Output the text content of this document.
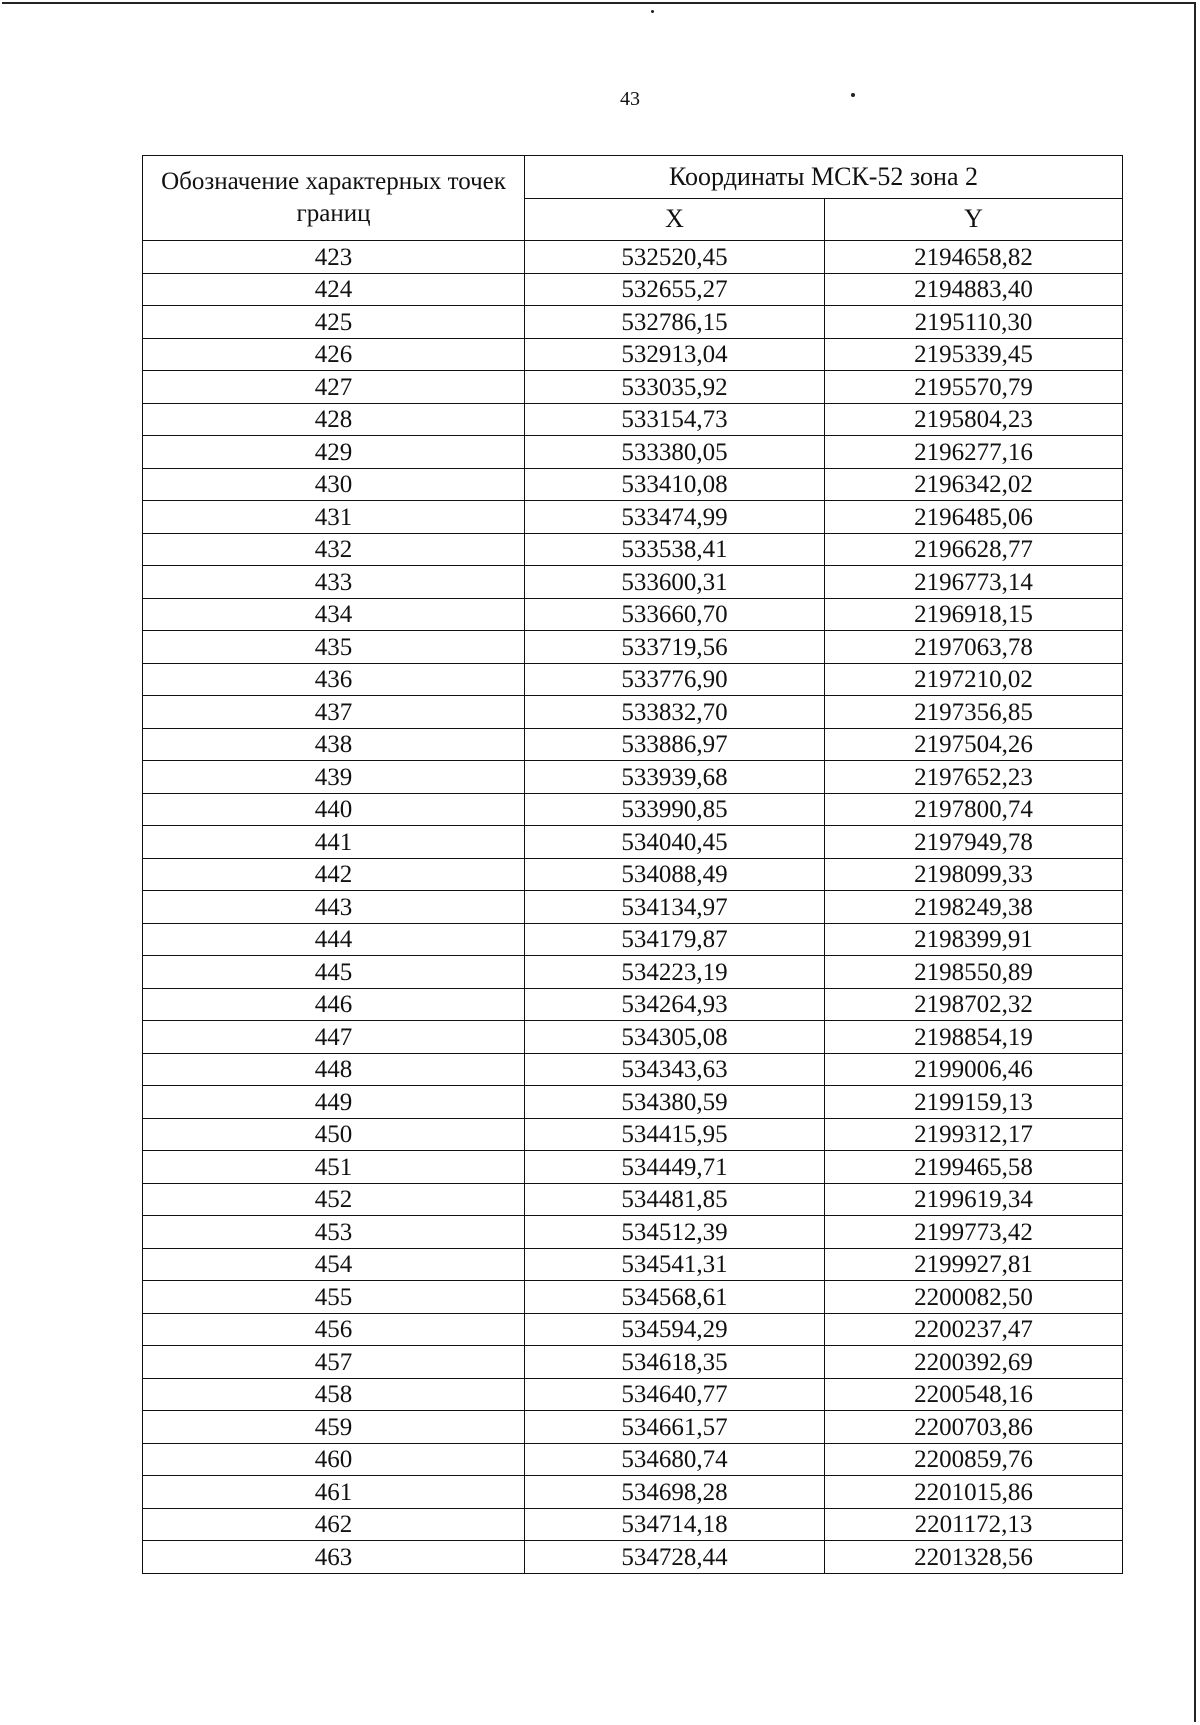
43
Обозначение характерных точек границ	Координаты МСК-52 зона 2	
	X	Y
423	532520,45	2194658,82
424	532655,27	2194883,40
425	532786,15	2195110,30
426	532913,04	2195339,45
427	533035,92	2195570,79
428	533154,73	2195804,23
429	533380,05	2196277,16
430	533410,08	2196342,02
431	533474,99	2196485,06
432	533538,41	2196628,77
433	533600,31	2196773,14
434	533660,70	2196918,15
435	533719,56	2197063,78
436	533776,90	2197210,02
437	533832,70	2197356,85
438	533886,97	2197504,26
439	533939,68	2197652,23
440	533990,85	2197800,74
441	534040,45	2197949,78
442	534088,49	2198099,33
443	534134,97	2198249,38
444	534179,87	2198399,91
445	534223,19	2198550,89
446	534264,93	2198702,32
447	534305,08	2198854,19
448	534343,63	2199006,46
449	534380,59	2199159,13
450	534415,95	2199312,17
451	534449,71	2199465,58
452	534481,85	2199619,34
453	534512,39	2199773,42
454	534541,31	2199927,81
455	534568,61	2200082,50
456	534594,29	2200237,47
457	534618,35	2200392,69
458	534640,77	2200548,16
459	534661,57	2200703,86
460	534680,74	2200859,76
461	534698,28	2201015,86
462	534714,18	2201172,13
463	534728,44	2201328,56
